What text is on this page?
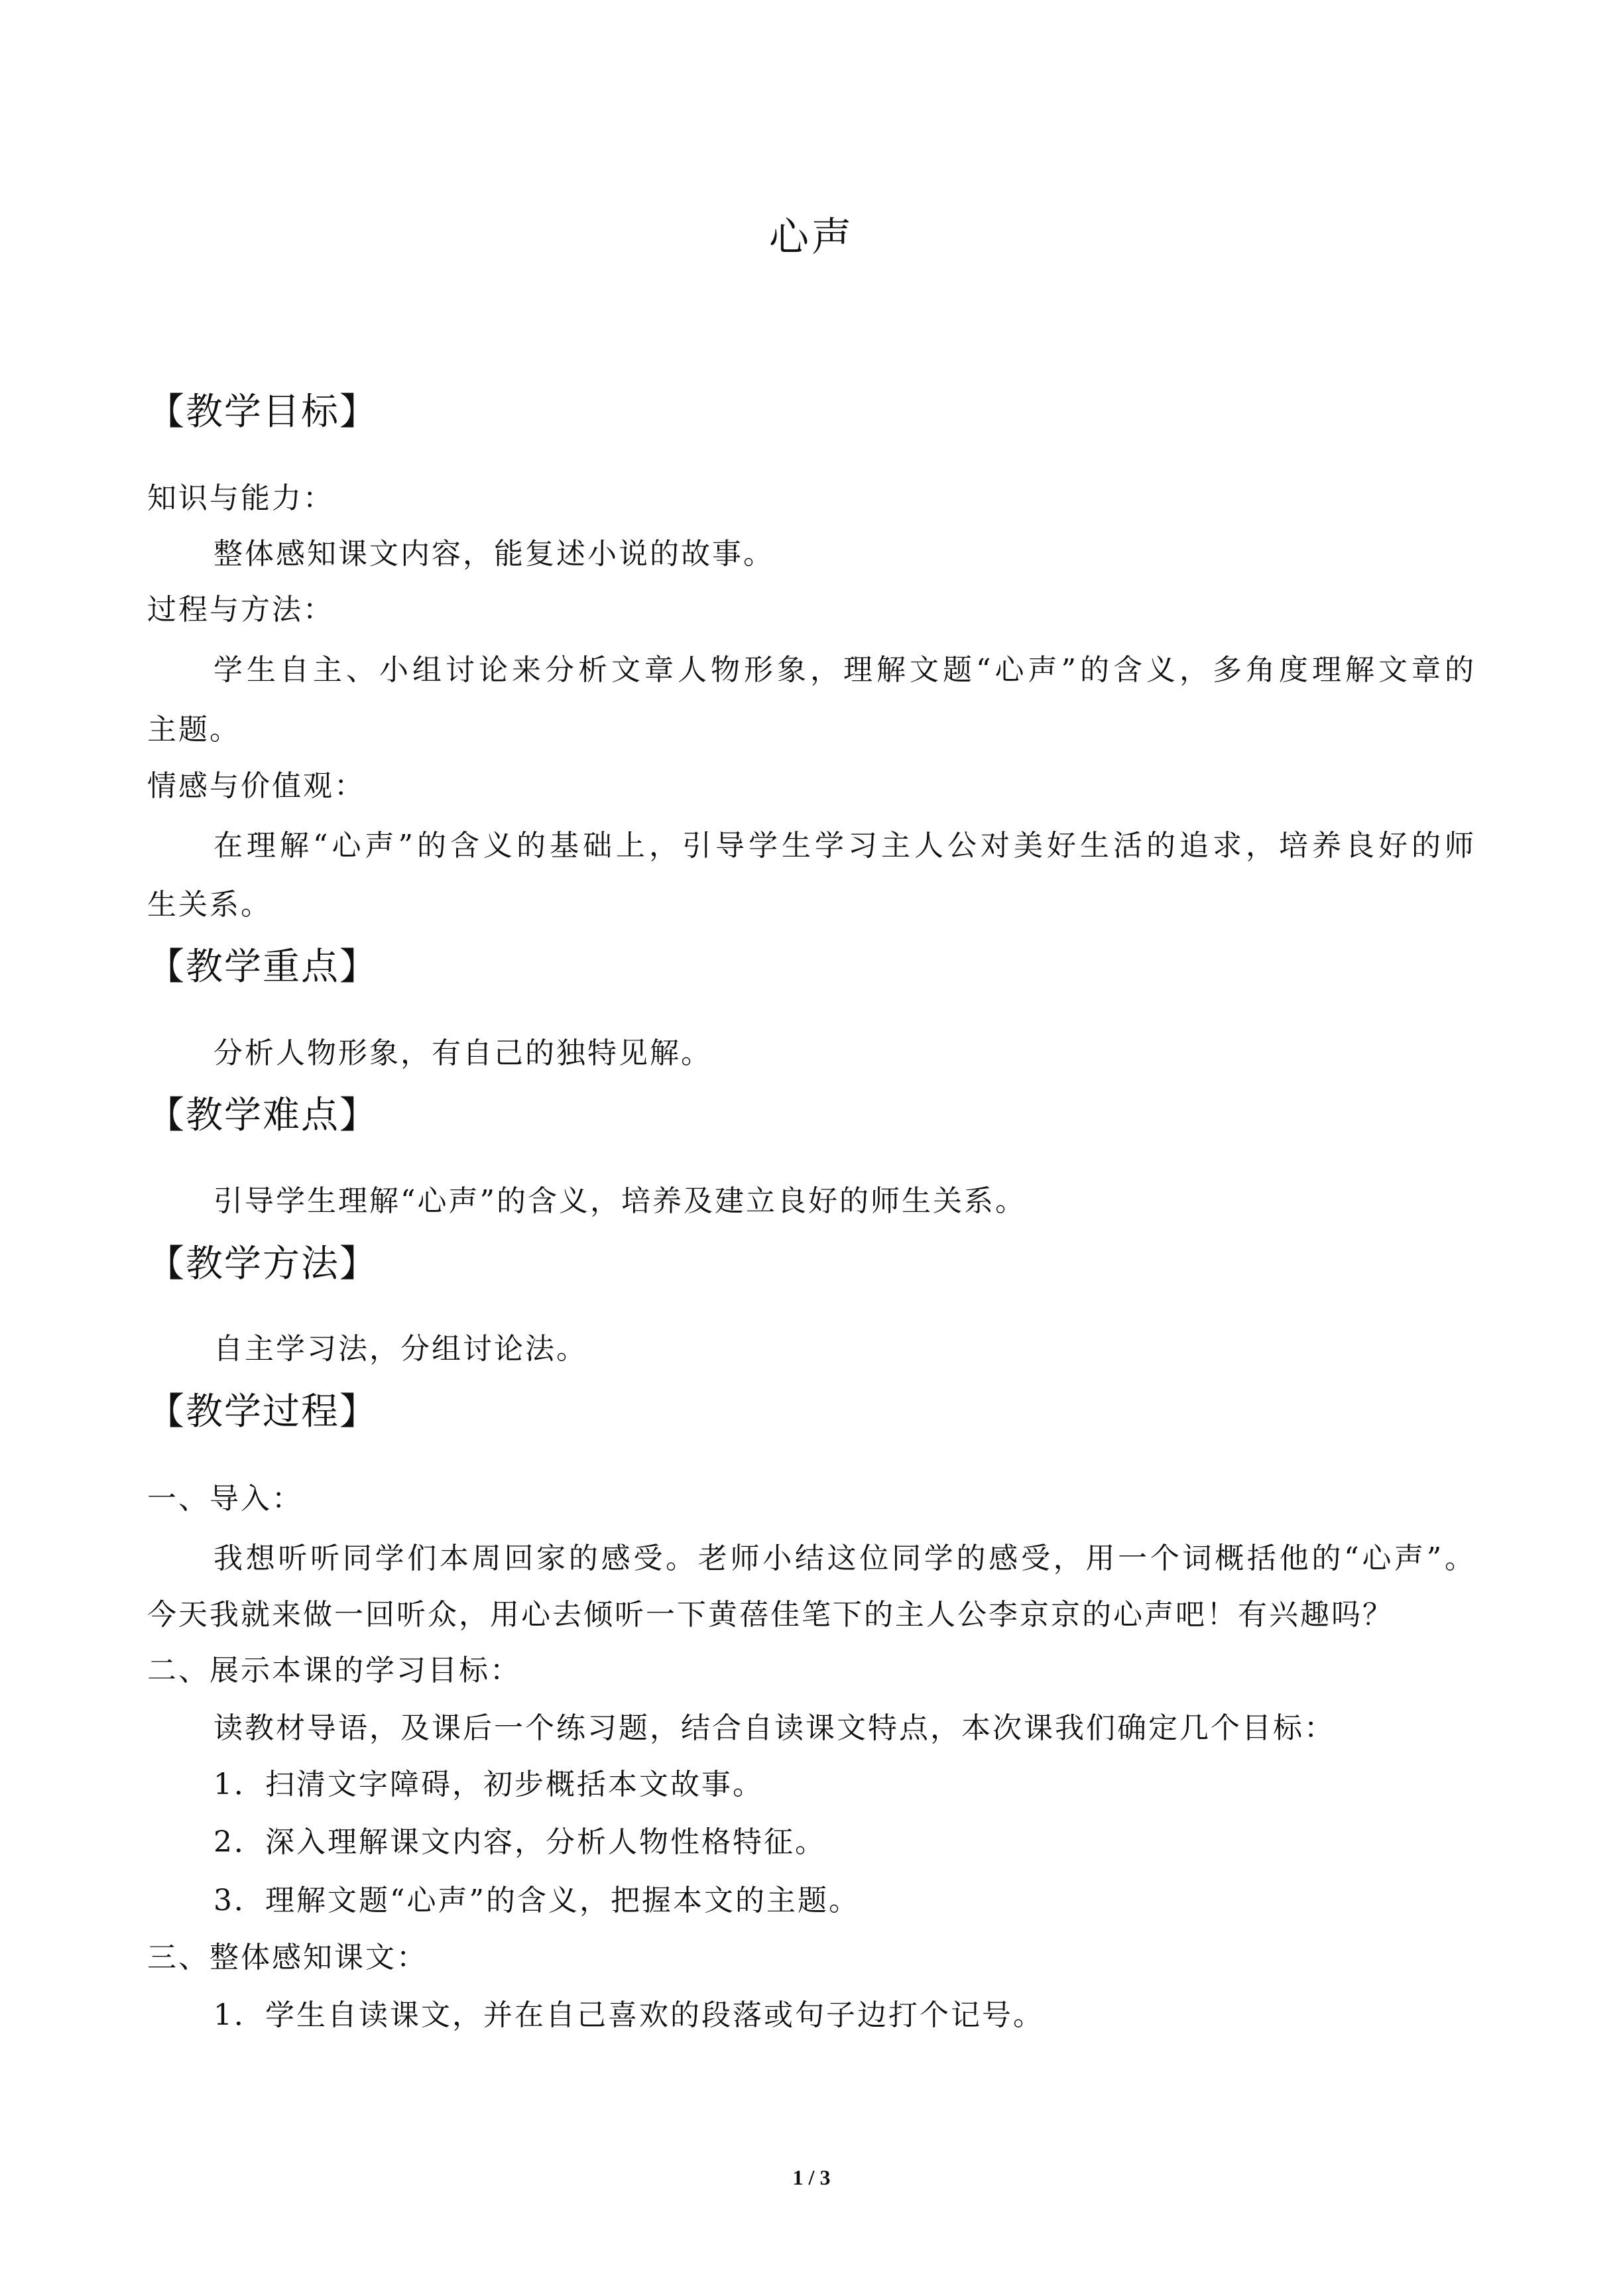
心声
【教学目标】
知识与能力：
整体感知课文内容，能复述小说的故事。
过程与方法：
学生自主、小组讨论来分析文章人物形象，理解文题“心声”的含义，多角度理解文章的
主题。
情感与价值观：
在理解“心声”的含义的基础上，引导学生学习主人公对美好生活的追求，培养良好的师
生关系。
【教学重点】
分析人物形象，有自己的独特见解。
【教学难点】
引导学生理解“心声”的含义，培养及建立良好的师生关系。
【教学方法】
自主学习法，分组讨论法。
【教学过程】
一、导入：
我想听听同学们本周回家的感受。老师小结这位同学的感受，用一个词概括他的“心声”。
今天我就来做一回听众，用心去倾听一下黄蓓佳笔下的主人公李京京的心声吧！有兴趣吗？
二、展示本课的学习目标：
读教材导语，及课后一个练习题，结合自读课文特点，本次课我们确定几个目标：
1．扫清文字障碍，初步概括本文故事。
2．深入理解课文内容，分析人物性格特征。
3．理解文题“心声”的含义，把握本文的主题。
三、整体感知课文：
1．学生自读课文，并在自己喜欢的段落或句子边打个记号。
1 / 3
